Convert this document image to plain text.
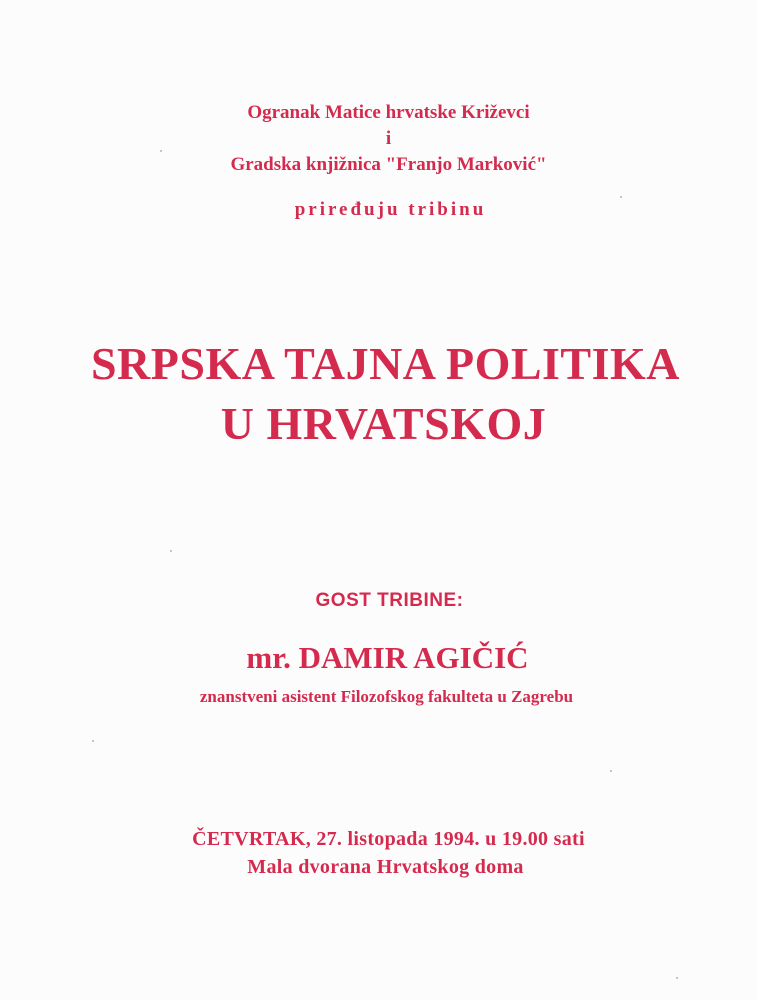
Ogranak Matice hrvatske Križevci
i
Gradska knjižnica "Franjo Marković"
priređuju tribinu
SRPSKA TAJNA POLITIKA
U HRVATSKOJ
GOST TRIBINE:
mr. DAMIR AGIČIĆ
znanstveni asistent Filozofskog fakulteta u Zagrebu
ČETVRTAK, 27. listopada 1994. u 19.00 sati
Mala dvorana Hrvatskog doma
